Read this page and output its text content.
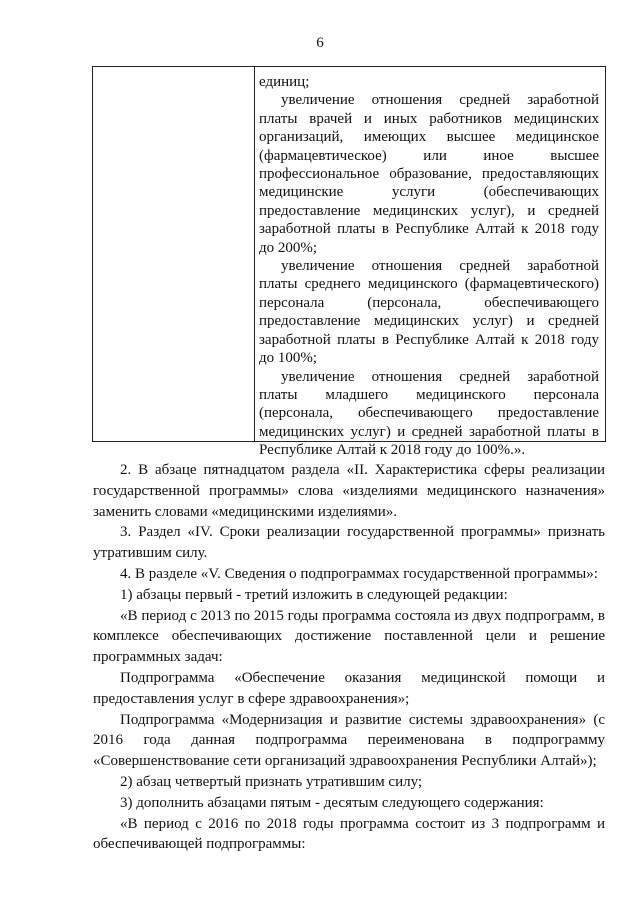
6

единиц;

увеличение отношения средней заработной платы врачей и иных работников медицинских организаций, имеющих высшее медицинское (фармацевтическое) или иное высшее профессиональное образование, предоставляющих медицинские услуги (обеспечивающих предоставление медицинских услуг), и средней заработной платы в Республике Алтай к 2018 году до 200%;

увеличение отношения средней заработной платы среднего медицинского (фармацевтического) персонала (персонала, обеспечивающего предоставление медицинских услуг) и средней заработной платы в Республике Алтай к 2018 году до 100%;

увеличение отношения средней заработной платы младшего медицинского персонала (персонала, обеспечивающего предоставление медицинских услуг) и средней заработной платы в Республике Алтай к 2018 году до 100%.».

2. В абзаце пятнадцатом раздела «II. Характеристика сферы реализации государственной программы» слова «изделиями медицинского назначения» заменить словами «медицинскими изделиями».

3. Раздел «IV. Сроки реализации государственной программы» признать утратившим силу.

4. В разделе «V. Сведения о подпрограммах государственной программы»:

1) абзацы первый - третий изложить в следующей редакции:

«В период с 2013 по 2015 годы программа состояла из двух подпрограмм, в комплексе обеспечивающих достижение поставленной цели и решение программных задач:

Подпрограмма «Обеспечение оказания медицинской помощи и предоставления услуг в сфере здравоохранения»;

Подпрограмма «Модернизация и развитие системы здравоохранения» (с 2016 года данная подпрограмма переименована в подпрограмму «Совершенствование сети организаций здравоохранения Республики Алтай»);

2) абзац четвертый признать утратившим силу;

3) дополнить абзацами пятым - десятым следующего содержания:

«В период с 2016 по 2018 годы программа состоит из 3 подпрограмм и обеспечивающей подпрограммы:
